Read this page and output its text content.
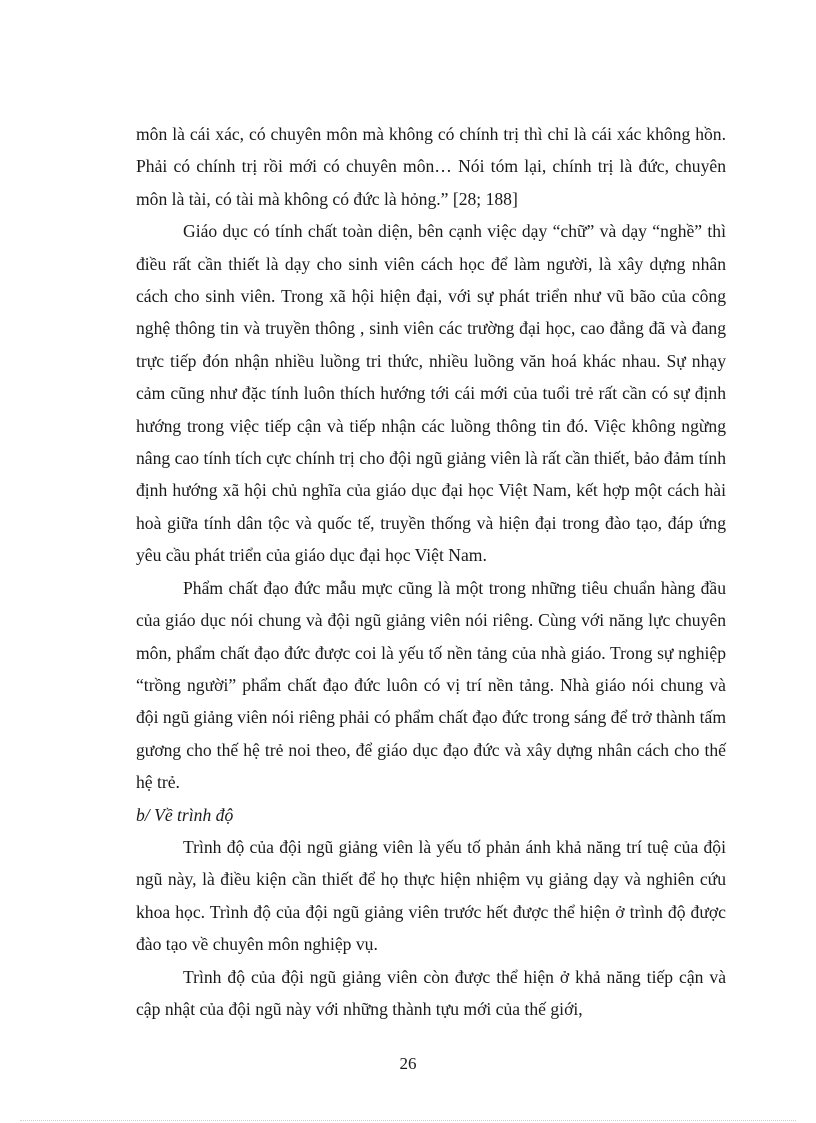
môn là cái xác, có chuyên môn mà không có chính trị thì chỉ là cái xác không hồn. Phải có chính trị rồi mới có chuyên môn… Nói tóm lại, chính trị là đức, chuyên môn là tài, có tài mà không có đức là hỏng.” [28; 188]

Giáo dục có tính chất toàn diện, bên cạnh việc dạy “chữ” và dạy “nghề” thì điều rất cần thiết là dạy cho sinh viên cách học để làm người, là xây dựng nhân cách cho sinh viên. Trong xã hội hiện đại, với sự phát triển như vũ bão của công nghệ thông tin và truyền thông , sinh viên các trường đại học, cao đẳng đã và đang trực tiếp đón nhận nhiều luồng tri thức, nhiều luồng văn hoá khác nhau. Sự nhạy cảm cũng như đặc tính luôn thích hướng tới cái mới của tuổi trẻ rất cần có sự định hướng trong việc tiếp cận và tiếp nhận các luồng thông tin đó. Việc không ngừng nâng cao tính tích cực chính trị cho đội ngũ giảng viên là rất cần thiết, bảo đảm tính định hướng xã hội chủ nghĩa của giáo dục đại học Việt Nam, kết hợp một cách hài hoà giữa tính dân tộc và quốc tế, truyền thống và hiện đại trong đào tạo, đáp ứng yêu cầu phát triển của giáo dục đại học Việt Nam.

Phẩm chất đạo đức mẫu mực cũng là một trong những tiêu chuẩn hàng đầu của giáo dục nói chung và đội ngũ giảng viên nói riêng. Cùng với năng lực chuyên môn, phẩm chất đạo đức được coi là yếu tố nền tảng của nhà giáo. Trong sự nghiệp “trồng người” phẩm chất đạo đức luôn có vị trí nền tảng. Nhà giáo nói chung và đội ngũ giảng viên nói riêng phải có phẩm chất đạo đức trong sáng để trở thành tấm gương cho thế hệ trẻ noi theo, để giáo dục đạo đức và xây dựng nhân cách cho thế hệ trẻ.

b/ Về trình độ

Trình độ của đội ngũ giảng viên là yếu tố phản ánh khả năng trí tuệ của đội ngũ này, là điều kiện cần thiết để họ thực hiện nhiệm vụ giảng dạy và nghiên cứu khoa học. Trình độ của đội ngũ giảng viên trước hết được thể hiện ở trình độ được đào tạo về chuyên môn nghiệp vụ.

Trình độ của đội ngũ giảng viên còn được thể hiện ở khả năng tiếp cận và cập nhật của đội ngũ này với những thành tựu mới của thế giới,

26
